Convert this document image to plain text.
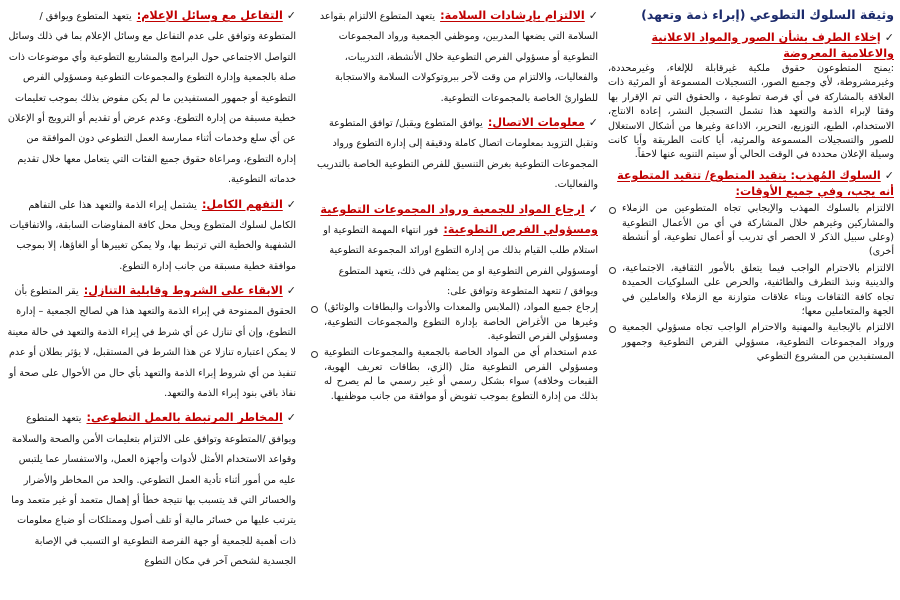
وثيقة السلوك التطوعي (إبراء ذمة وتعهد)
✓إخلاء الطرف بشأن الصور والمواد الاعلانية والاعلامية المعروضة
:يمنح المتطوعون حقوق ملكية غيرقابلة للإلغاء، وغيرمحددة، وغيرمشروطة، لأي وجميع الصور، التسجيلات المسموعة أو المرئية ذات العلاقة بالمشاركة في أي فرصة تطوعية ، والحقوق التي تم الإقرار بها وفقا لإبراء الذمة والتعهد هذا تشمل التسجيل النشر، إعادة الانتاج، الاستخدام، الطبع، التوزيع، التحرير، الاذاعة وغيرها من أشكال الاستغلال للصور والتسجيلات المسموعة والمرئية، أيا كانت الطريقة وأيا كانت وسيلة الإعلان محددة في الوقت الحالي أو سيتم التنويه عنها لاحقاً.
✓السلوك المُهذب: يتقيد المتطوع/ تتقيد المتطوعة أنه يجب، وفي جميع الأوقات:
الالتزام بالسلوك المهذب والإيجابي تجاه المتطوعين من الزملاء والمشاركين وغيرهم خلال المشاركة في أي من الأعمال التطوعية (وعلى سبيل الذكر لا الحصر أي تدريب أو أعمال تطوعية، أو أنشطة أخرى)
الالتزام بالاحترام الواجب فيما يتعلق بالأمور الثقافية، الاجتماعية، والدينية ونبذ التطرف والطائفية، والحرص على السلوكيات الحميدة تجاه كافة الثقافات وبناء علاقات متوازنة مع الزملاء والعاملين في الجهة والمتعاملين معها؛
الالتزام بالإيجابية والمهنية والاحترام الواجب تجاه مسؤولي الجمعية ورواد المجموعات التطوعية، مسؤولي الفرص التطوعية وجمهور المستفيدين من المشروع التطوعي
✓الالتزام بإرشادات السلامة: يتعهد المتطوع الالتزام بقواعد السلامة التي يضعها المدربين، وموظفي الجمعية ورواد المجموعات التطوعية أو مسؤولي الفرص التطوعية خلال الأنشطة، التدريبات، والفعاليات، والالتزام من وقت لآخر ببروتوكولات السلامة والاستجابة للطوارئ الخاصة بالمجموعات التطوعية.
✓معلومات الاتصال: يوافق المتطوع ويقبل/ توافق المتطوعة وتقبل التزويد بمعلومات اتصال كاملة ودقيقة إلى إدارة التطوع ورواد المجموعات التطوعية بغرض التنسيق للفرص التطوعية الخاصة بالتدريب والفعاليات.
✓ارجاع المواد للجمعية ورواد المجموعات التطوعية ومسؤولي الفرص التطوعية: فور انتهاء المهمة التطوعية او استلام طلب القيام بذلك من إدارة التطوع اورائد المجموعة التطوعية أومسؤولي الفرص التطوعية او من يمثلهم في ذلك، يتعهد المتطوع ويوافق / تتعهد المتطوعة وتوافق على:
إرجاع جميع المواد، (الملابس والمعدات والأدوات والبطاقات والوثائق) وغيرها من الأغراض الخاصة بإدارة التطوع والمجموعات التطوعية، ومسؤولي الفرص التطوعية.
عدم استخدام أي من المواد الخاصة بالجمعية والمجموعات التطوعية ومسؤولي الفرص التطوعية مثل (الزي، بطاقات تعريف الهوية، القبعات وخلافه) سواء بشكل رسمي أو غير رسمي ما لم يصرح له بذلك من إدارة التطوع بموجب تفويض أو موافقة من جانب موظفيها.
✓التفاعل مع وسائل الإعلام: يتعهد المتطوع ويوافق /المتطوعة وتوافق على عدم التفاعل مع وسائل الإعلام بما في ذلك وسائل التواصل الاجتماعي حول البرامج والمشاريع التطوعية وأي موضوعات ذات صلة بالجمعية وإدارة التطوع والمجموعات التطوعية ومسؤولي الفرص التطوعية أو جمهور المستفيدين ما لم يكن مفوض بذلك بموجب تعليمات خطية مسبقة من إدارة التطوع. وعدم عرض أو تقديم أو الترويج أو الإعلان عن أي سلع وخدمات أثناء ممارسة العمل التطوعي دون الموافقة من إدارة التطوع، ومراعاة حقوق جميع الفئات التي يتعامل معها خلال تقديم خدماته التطوعية.
✓التفهم الكامل: يشتمل إبراء الذمة والتعهد هذا على التفاهم الكامل لسلوك المتطوع ويحل محل كافة المفاوضات السابقة، والاتفاقيات الشفهية والخطية التي ترتبط بها، ولا يمكن تغييرها أو الغاؤها، إلا بموجب موافقة خطية مسبقة من جانب إدارة التطوع.
✓الابقاء على الشروط وقابلية التنازل: يقر المتطوع بأن الحقوق الممنوحة في إبراء الذمة والتعهد هذا هي لصالح الجمعية – إدارة التطوع، وإن أي تنازل عن أي شرط في إبراء الذمة والتعهد في حالة معينة لا يمكن اعتباره تنازلا عن هذا الشرط في المستقبل، لا يؤثر بطلان أو عدم تنفيذ من أي شروط إبراء الذمة والتعهد بأي حال من الأحوال على صحة أو نفاذ باقي بنود إبراء الذمة والتعهد.
✓المخاطر المرتبطة بالعمل التطوعي: يتعهد المتطوع ويوافق /المتطوعة وتوافق على الالتزام بتعليمات الأمن والصحة والسلامة وقواعد الاستخدام الأمثل لأدوات وأجهزة العمل، والاستفسار عما يلتبس عليه من أمور أثناء تأدية العمل التطوعي. والحد من المخاطر والأضرار والخسائر التي قد يتسبب بها نتيجة خطأ أو إهمال متعمد أو غير متعمد وما يترتب عليها من خسائر مالية أو تلف أصول وممتلكات أو ضياع معلومات ذات أهمية للجمعية أو جهة الفرصة التطوعية او التسبب في الإصابة الجسدية لشخص آخر في مكان التطوع
